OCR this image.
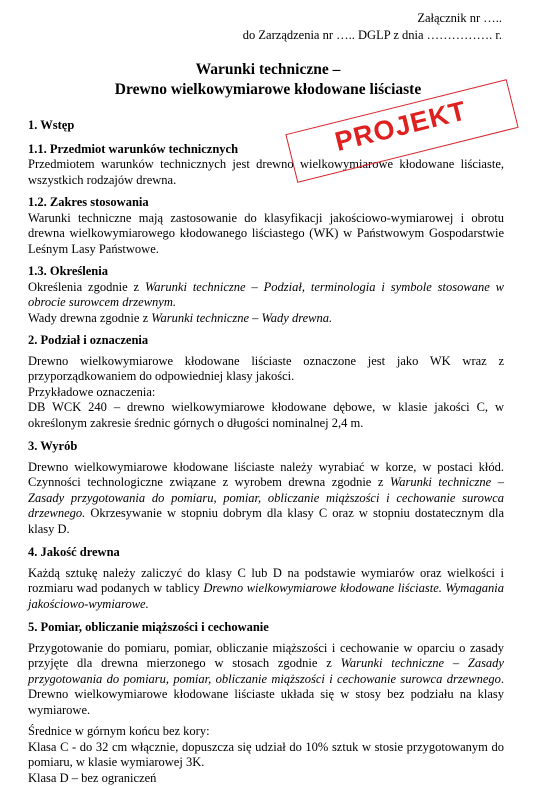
Załącznik nr …..
do Zarządzenia nr ….. DGLP z dnia ……………. r.
Warunki techniczne –
Drewno wielkowymiarowe kłodowane liściaste
1. Wstęp
1.1. Przedmiot warunków technicznych

Przedmiotem warunków technicznych jest drewno wielkowymiarowe kłodowane liściaste, wszystkich rodzajów drewna.

1.2. Zakres stosowania

Warunki techniczne mają zastosowanie do klasyfikacji jakościowo-wymiarowej i obrotu drewna wielkowymiarowego kłodowanego liściastego (WK) w Państwowym Gospodarstwie Leśnym Lasy Państwowe.

1.3. Określenia

Określenia zgodnie z Warunki techniczne – Podział, terminologia i symbole stosowane w obrocie surowcem drzewnym.

Wady drewna zgodnie z Warunki techniczne – Wady drewna.

2. Podział i oznaczenia

Drewno wielkowymiarowe kłodowane liściaste oznaczone jest jako WK wraz z przyporządkowaniem do odpowiedniej klasy jakości.

Przykładowe oznaczenia:

DB WCK 240 – drewno wielkowymiarowe kłodowane dębowe, w klasie jakości C, w określonym zakresie średnic górnych o długości nominalnej 2,4 m.

3. Wyrób

Drewno wielkowymiarowe kłodowane liściaste należy wyrabiać w korze, w postaci kłód. Czynności technologiczne związane z wyrobem drewna zgodnie z Warunki techniczne – Zasady przygotowania do pomiaru, pomiar, obliczanie miąższości i cechowanie surowca drzewnego. Okrzesywanie w stopniu dobrym dla klasy C oraz w stopniu dostatecznym dla klasy D.

4. Jakość drewna

Każdą sztukę należy zaliczyć do klasy C lub D na podstawie wymiarów oraz wielkości i rozmiaru wad podanych w tablicy Drewno wielkowymiarowe kłodowane liściaste. Wymagania jakościowo-wymiarowe.

5. Pomiar, obliczanie miąższości i cechowanie

Przygotowanie do pomiaru, pomiar, obliczanie miąższości i cechowanie w oparciu o zasady przyjęte dla drewna mierzonego w stosach zgodnie z Warunki techniczne – Zasady przygotowania do pomiaru, pomiar, obliczanie miąższości i cechowanie surowca drzewnego. Drewno wielkowymiarowe kłodowane liściaste układa się w stosy bez podziału na klasy wymiarowe.

Średnice w górnym końcu bez kory:

Klasa C - do 32 cm włącznie, dopuszcza się udział do 10% sztuk w stosie przygotowanym do pomiaru, w klasie wymiarowej 3K.

Klasa D – bez ograniczeń

PROJEKT
